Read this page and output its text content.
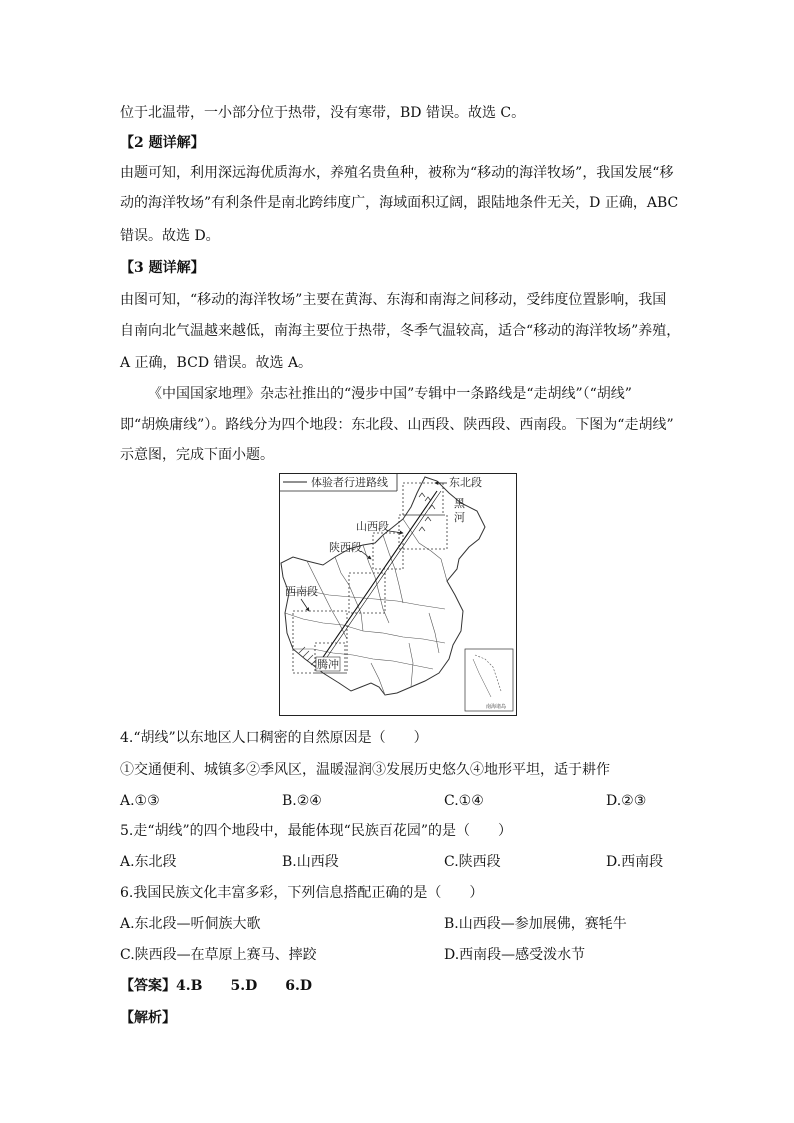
位于北温带，一小部分位于热带，没有寒带，BD 错误。故选 C。
【2 题详解】
由题可知，利用深远海优质海水，养殖名贵鱼种，被称为“移动的海洋牧场”，我国发展“移
动的海洋牧场”有利条件是南北跨纬度广，海域面积辽阔，跟陆地条件无关，D 正确，ABC
错误。故选 D。
【3 题详解】
由图可知，“移动的海洋牧场”主要在黄海、东海和南海之间移动，受纬度位置影响，我国
自南向北气温越来越低，南海主要位于热带，冬季气温较高，适合“移动的海洋牧场”养殖，
A 正确，BCD 错误。故选 A。
《中国国家地理》杂志社推出的“漫步中国”专辑中一条路线是“走胡线”（“胡线”
即“胡焕庸线”）。路线分为四个地段：东北段、山西段、陕西段、西南段。下图为“走胡线”
示意图，完成下面小题。
体验者行进路线	东北段
黑
河
山西段
陕西段
西南段
腾冲
南海诸岛
4.“胡线”以东地区人口稠密的自然原因是（　　）
①交通便利、城镇多②季风区，温暖湿润③发展历史悠久④地形平坦，适于耕作
A.①③	B.②④	C.①④	D.②③
5.走“胡线”的四个地段中，最能体现“民族百花园”的是（　　）
A.东北段	B.山西段	C.陕西段	D.西南段
6.我国民族文化丰富多彩，下列信息搭配正确的是（　　）
A.东北段—听侗族大歌	B.山西段—参加展佛，赛牦牛
C.陕西段—在草原上赛马、摔跤	D.西南段—感受泼水节
【答案】4.B　　5.D　　6.D
【解析】
